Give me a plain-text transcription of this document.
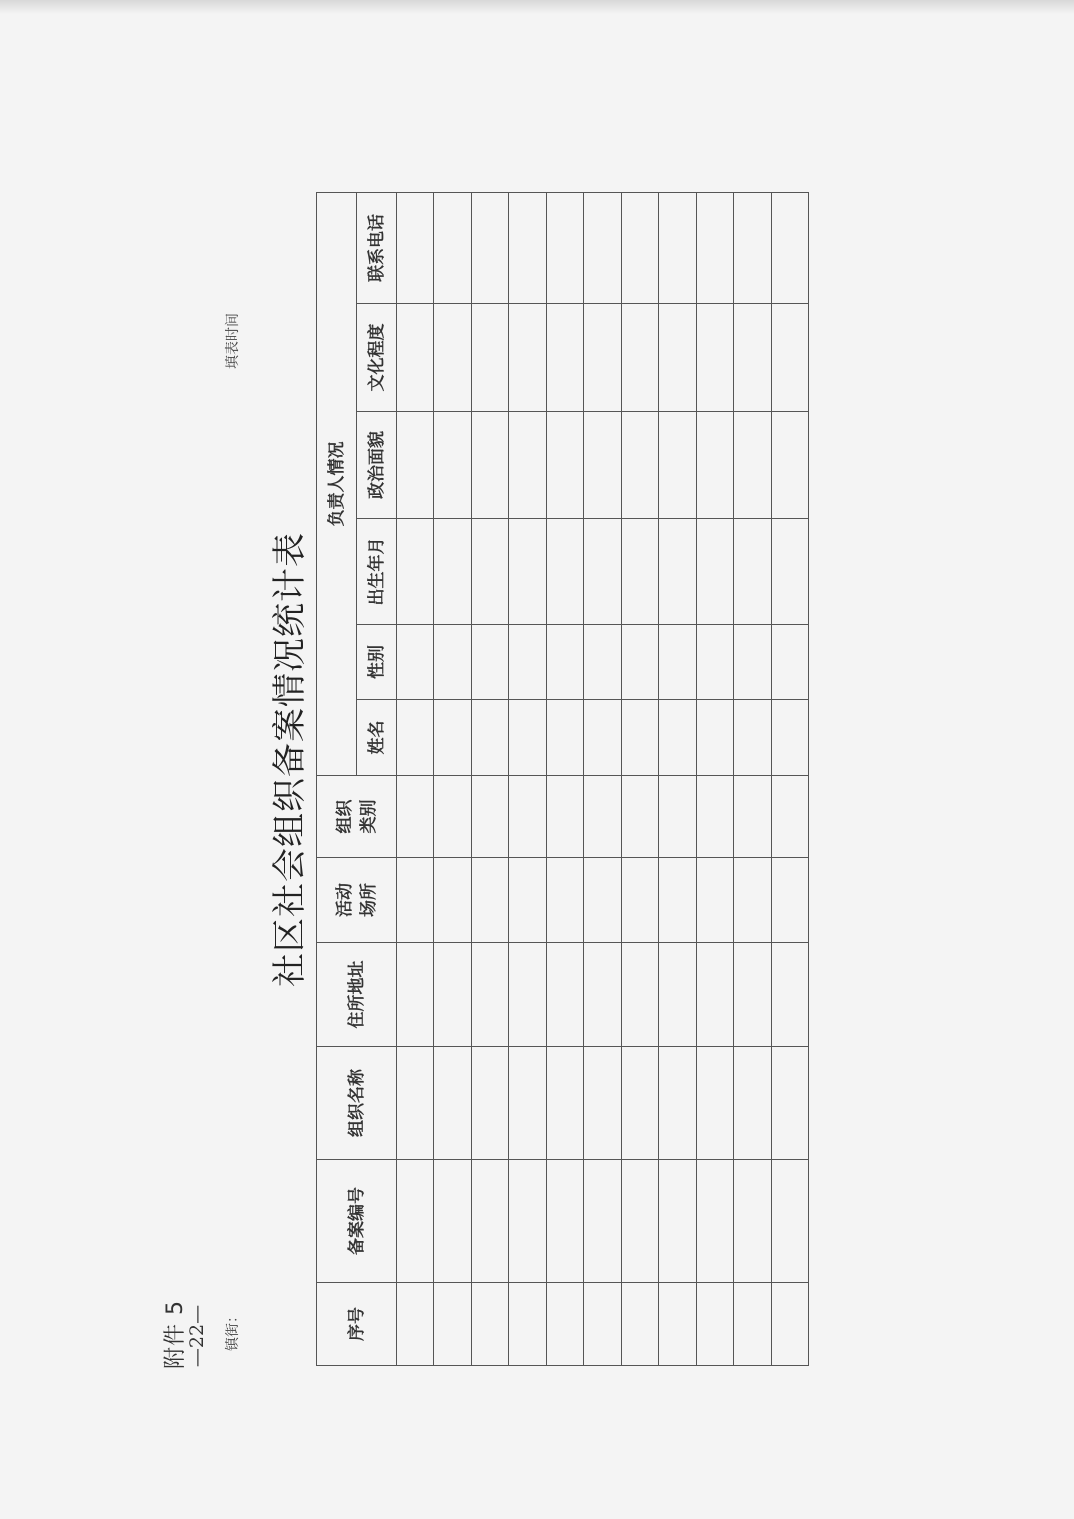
附件 5	镇街：
填表时间
社区社会组织备案情况统计表
序号	备案编号	组织名称	住所地址	活动 场所	组织 类别	负责人情况					
						姓名	性别	出生年月	政治面貌	文化程度	联系电话

—22—
